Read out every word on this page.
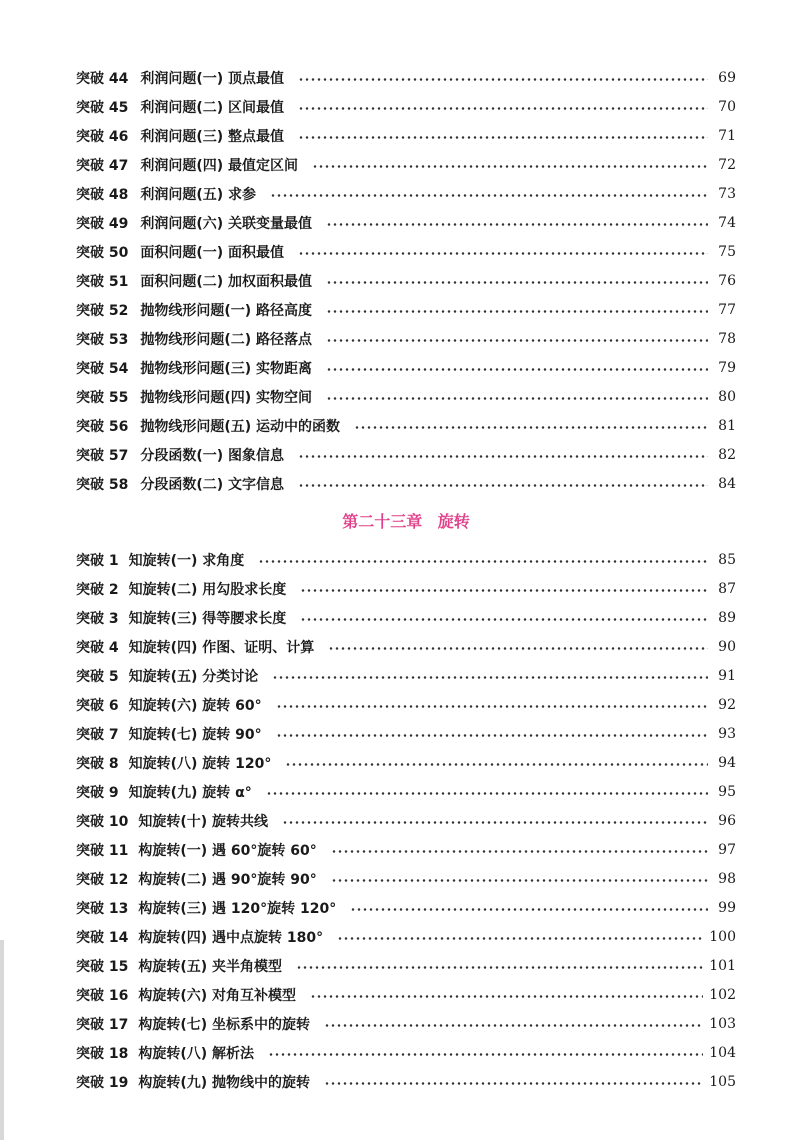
突破 44 利润问题(一) 顶点最值	69
突破 45 利润问题(二) 区间最值	70
突破 46 利润问题(三) 整点最值	71
突破 47 利润问题(四) 最值定区间	72
突破 48 利润问题(五) 求参	73
突破 49 利润问题(六) 关联变量最值	74
突破 50 面积问题(一) 面积最值	75
突破 51 面积问题(二) 加权面积最值	76
突破 52 抛物线形问题(一) 路径高度	77
突破 53 抛物线形问题(二) 路径落点	78
突破 54 抛物线形问题(三) 实物距离	79
突破 55 抛物线形问题(四) 实物空间	80
突破 56 抛物线形问题(五) 运动中的函数	81
突破 57 分段函数(一) 图象信息	82
突破 58 分段函数(二) 文字信息	84
第二十三章 旋转
突破 1 知旋转(一) 求角度	85
突破 2 知旋转(二) 用勾股求长度	87
突破 3 知旋转(三) 得等腰求长度	89
突破 4 知旋转(四) 作图、证明、计算	90
突破 5 知旋转(五) 分类讨论	91
突破 6 知旋转(六) 旋转 60°	92
突破 7 知旋转(七) 旋转 90°	93
突破 8 知旋转(八) 旋转 120°	94
突破 9 知旋转(九) 旋转 α°	95
突破 10 知旋转(十) 旋转共线	96
突破 11 构旋转(一) 遇 60°旋转 60°	97
突破 12 构旋转(二) 遇 90°旋转 90°	98
突破 13 构旋转(三) 遇 120°旋转 120°	99
突破 14 构旋转(四) 遇中点旋转 180°	100
突破 15 构旋转(五) 夹半角模型	101
突破 16 构旋转(六) 对角互补模型	102
突破 17 构旋转(七) 坐标系中的旋转	103
突破 18 构旋转(八) 解析法	104
突破 19 构旋转(九) 抛物线中的旋转	105
